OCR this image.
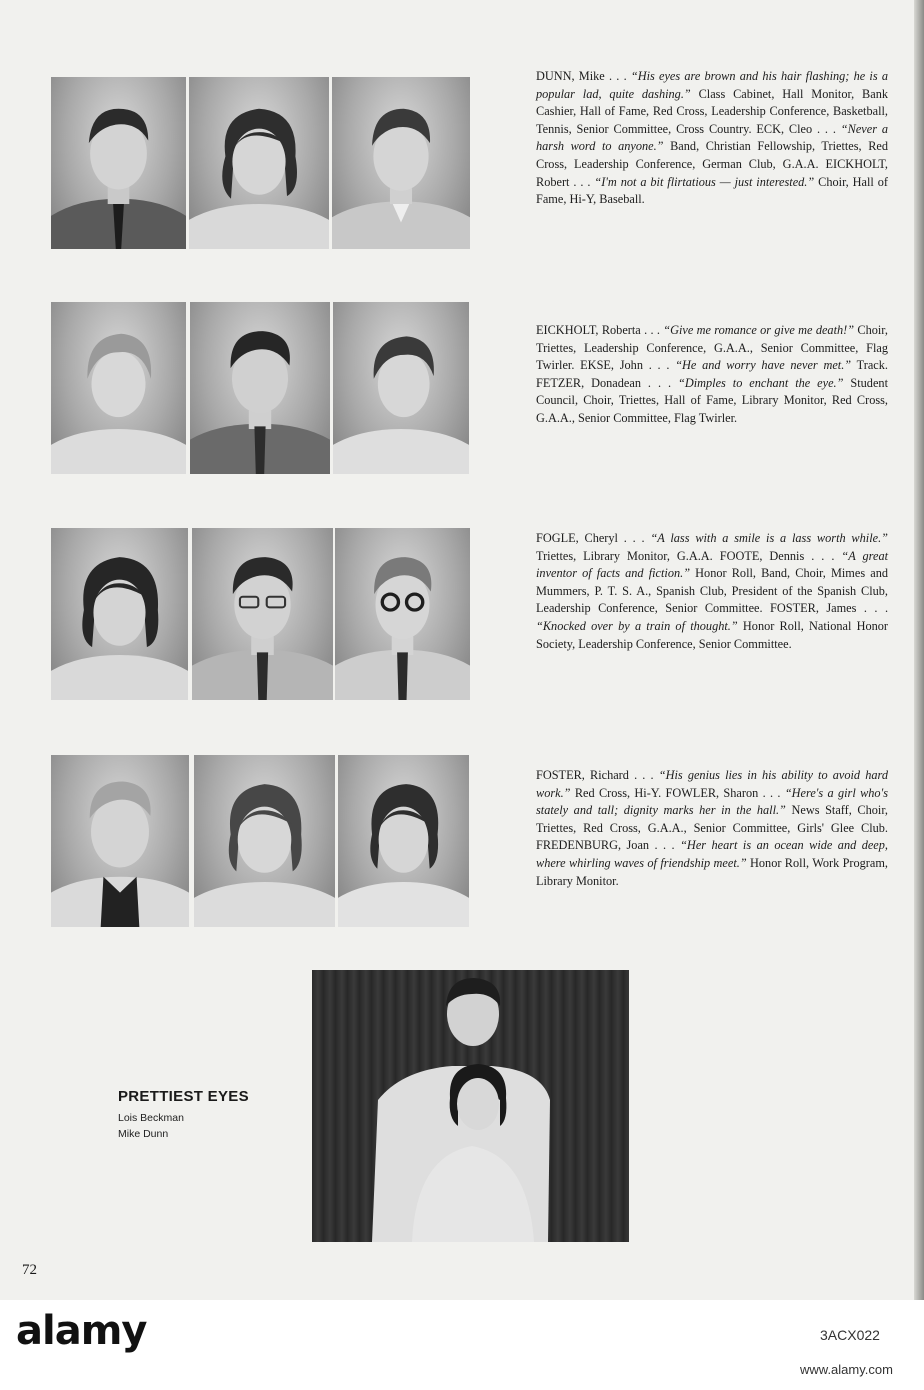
DUNN, Mike . . . “His eyes are brown and his hair flashing; he is a popular lad, quite dashing.” Class Cabinet, Hall Monitor, Bank Cashier, Hall of Fame, Red Cross, Leadership Conference, Basketball, Tennis, Senior Committee, Cross Country. ECK, Cleo . . . “Never a harsh word to anyone.” Band, Christian Fellowship, Triettes, Red Cross, Leadership Conference, German Club, G.A.A. EICKHOLT, Robert . . . “I'm not a bit flirtatious — just interested.” Choir, Hall of Fame, Hi-Y, Baseball.

EICKHOLT, Roberta . . . “Give me romance or give me death!” Choir, Triettes, Leadership Conference, G.A.A., Senior Committee, Flag Twirler. EKSE, John . . . “He and worry have never met.” Track. FETZER, Donadean . . . “Dimples to enchant the eye.” Student Council, Choir, Triettes, Hall of Fame, Library Monitor, Red Cross, G.A.A., Senior Committee, Flag Twirler.

FOGLE, Cheryl . . . “A lass with a smile is a lass worth while.” Triettes, Library Monitor, G.A.A. FOOTE, Dennis . . . “A great inventor of facts and fiction.” Honor Roll, Band, Choir, Mimes and Mummers, P. T. S. A., Spanish Club, President of the Spanish Club, Leadership Conference, Senior Committee. FOSTER, James . . . “Knocked over by a train of thought.” Honor Roll, National Honor Society, Leadership Conference, Senior Committee.

FOSTER, Richard . . . “His genius lies in his ability to avoid hard work.” Red Cross, Hi-Y. FOWLER, Sharon . . . “Here's a girl who's stately and tall; dignity marks her in the hall.” News Staff, Choir, Triettes, Red Cross, G.A.A., Senior Committee, Girls' Glee Club. FREDENBURG, Joan . . . “Her heart is an ocean wide and deep, where whirling waves of friendship meet.” Honor Roll, Work Program, Library Monitor.

PRETTIEST EYES

Lois Beckman

Mike Dunn

72

alamy	3ACX022

www.alamy.com
